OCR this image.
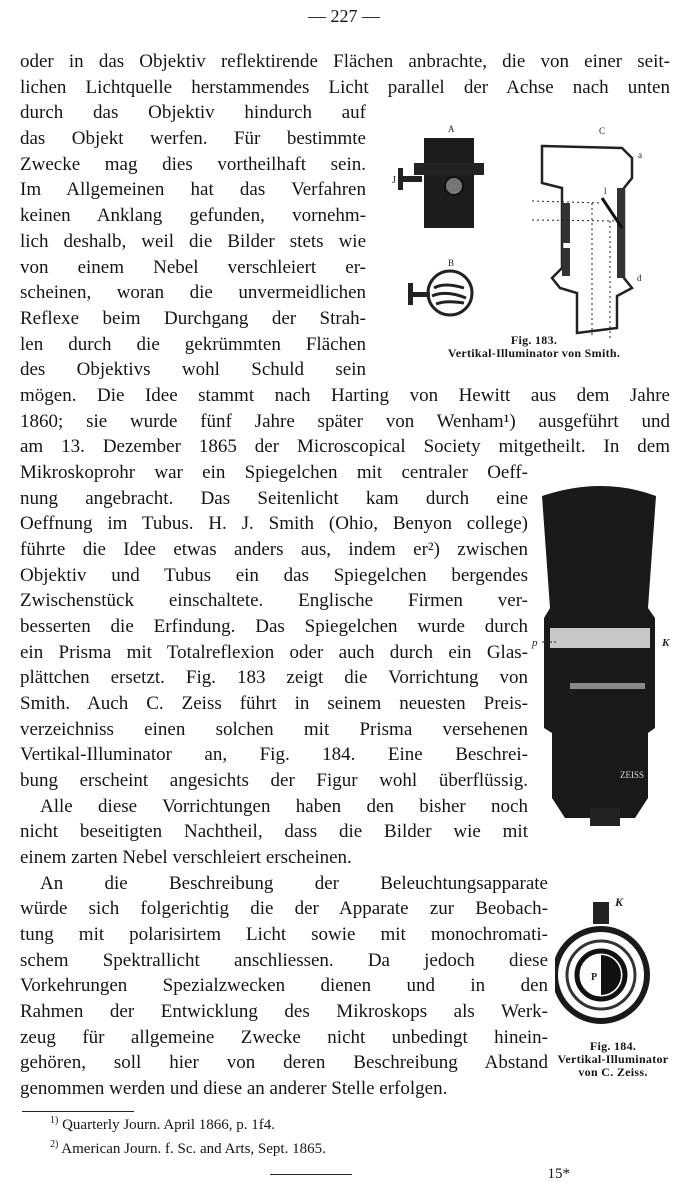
— 227 —
oder in das Objektiv reflektirende Flächen anbrachte, die von einer seit-
lichen Lichtquelle herstammendes Licht parallel der Achse nach unten
durch das Objektiv hindurch auf
das Objekt werfen. Für bestimmte
Zwecke mag dies vortheilhaft sein.
Im Allgemeinen hat das Verfahren
keinen Anklang gefunden, vornehm-
lich deshalb, weil die Bilder stets wie
von einem Nebel verschleiert er-
scheinen, woran die unvermeidlichen
Reflexe beim Durchgang der Strah-
len durch die gekrümmten Flächen
des Objektivs wohl Schuld sein
mögen. Die Idee stammt nach Harting von Hewitt aus dem Jahre
1860; sie wurde fünf Jahre später von Wenham¹) ausgeführt und
am 13. Dezember 1865 der Microscopical Society mitgetheilt. In dem
Mikroskoprohr war ein Spiegelchen mit centraler Oeff-
nung angebracht. Das Seitenlicht kam durch eine
Oeffnung im Tubus. H. J. Smith (Ohio, Benyon college)
führte die Idee etwas anders aus, indem er²) zwischen
Objektiv und Tubus ein das Spiegelchen bergendes
Zwischenstück einschaltete. Englische Firmen ver-
besserten die Erfindung. Das Spiegelchen wurde durch
ein Prisma mit Totalreflexion oder auch durch ein Glas-
plättchen ersetzt. Fig. 183 zeigt die Vorrichtung von
Smith. Auch C. Zeiss führt in seinem neuesten Preis-
verzeichniss einen solchen mit Prisma versehenen
Vertikal-Illuminator an, Fig. 184. Eine Beschrei-
bung erscheint angesichts der Figur wohl überflüssig.
Alle diese Vorrichtungen haben den bisher noch
nicht beseitigten Nachtheil, dass die Bilder wie mit
einem zarten Nebel verschleiert erscheinen.
An die Beschreibung der Beleuchtungsapparate
würde sich folgerichtig die der Apparate zur Beobach-
tung mit polarisirtem Licht sowie mit monochromati-
schem Spektrallicht anschliessen. Da jedoch diese
Vorkehrungen Spezialzwecken dienen und in den
Rahmen der Entwicklung des Mikroskops als Werk-
zeug für allgemeine Zwecke nicht unbedingt hinein-
gehören, soll hier von deren Beschreibung Abstand
genommen werden und diese an anderer Stelle erfolgen.
A
J
B
C
a
l
d
Fig. 183.
Vertikal-Illuminator von Smith.
ZEISS
p	K
P
K
Fig. 184.
Vertikal-Illuminator
von C. Zeiss.
$^{1)}$ Quarterly Journ. April 1866, p. 1f4.
$^{2)}$ American Journ. f. Sc. and Arts, Sept. 1865.
15*
